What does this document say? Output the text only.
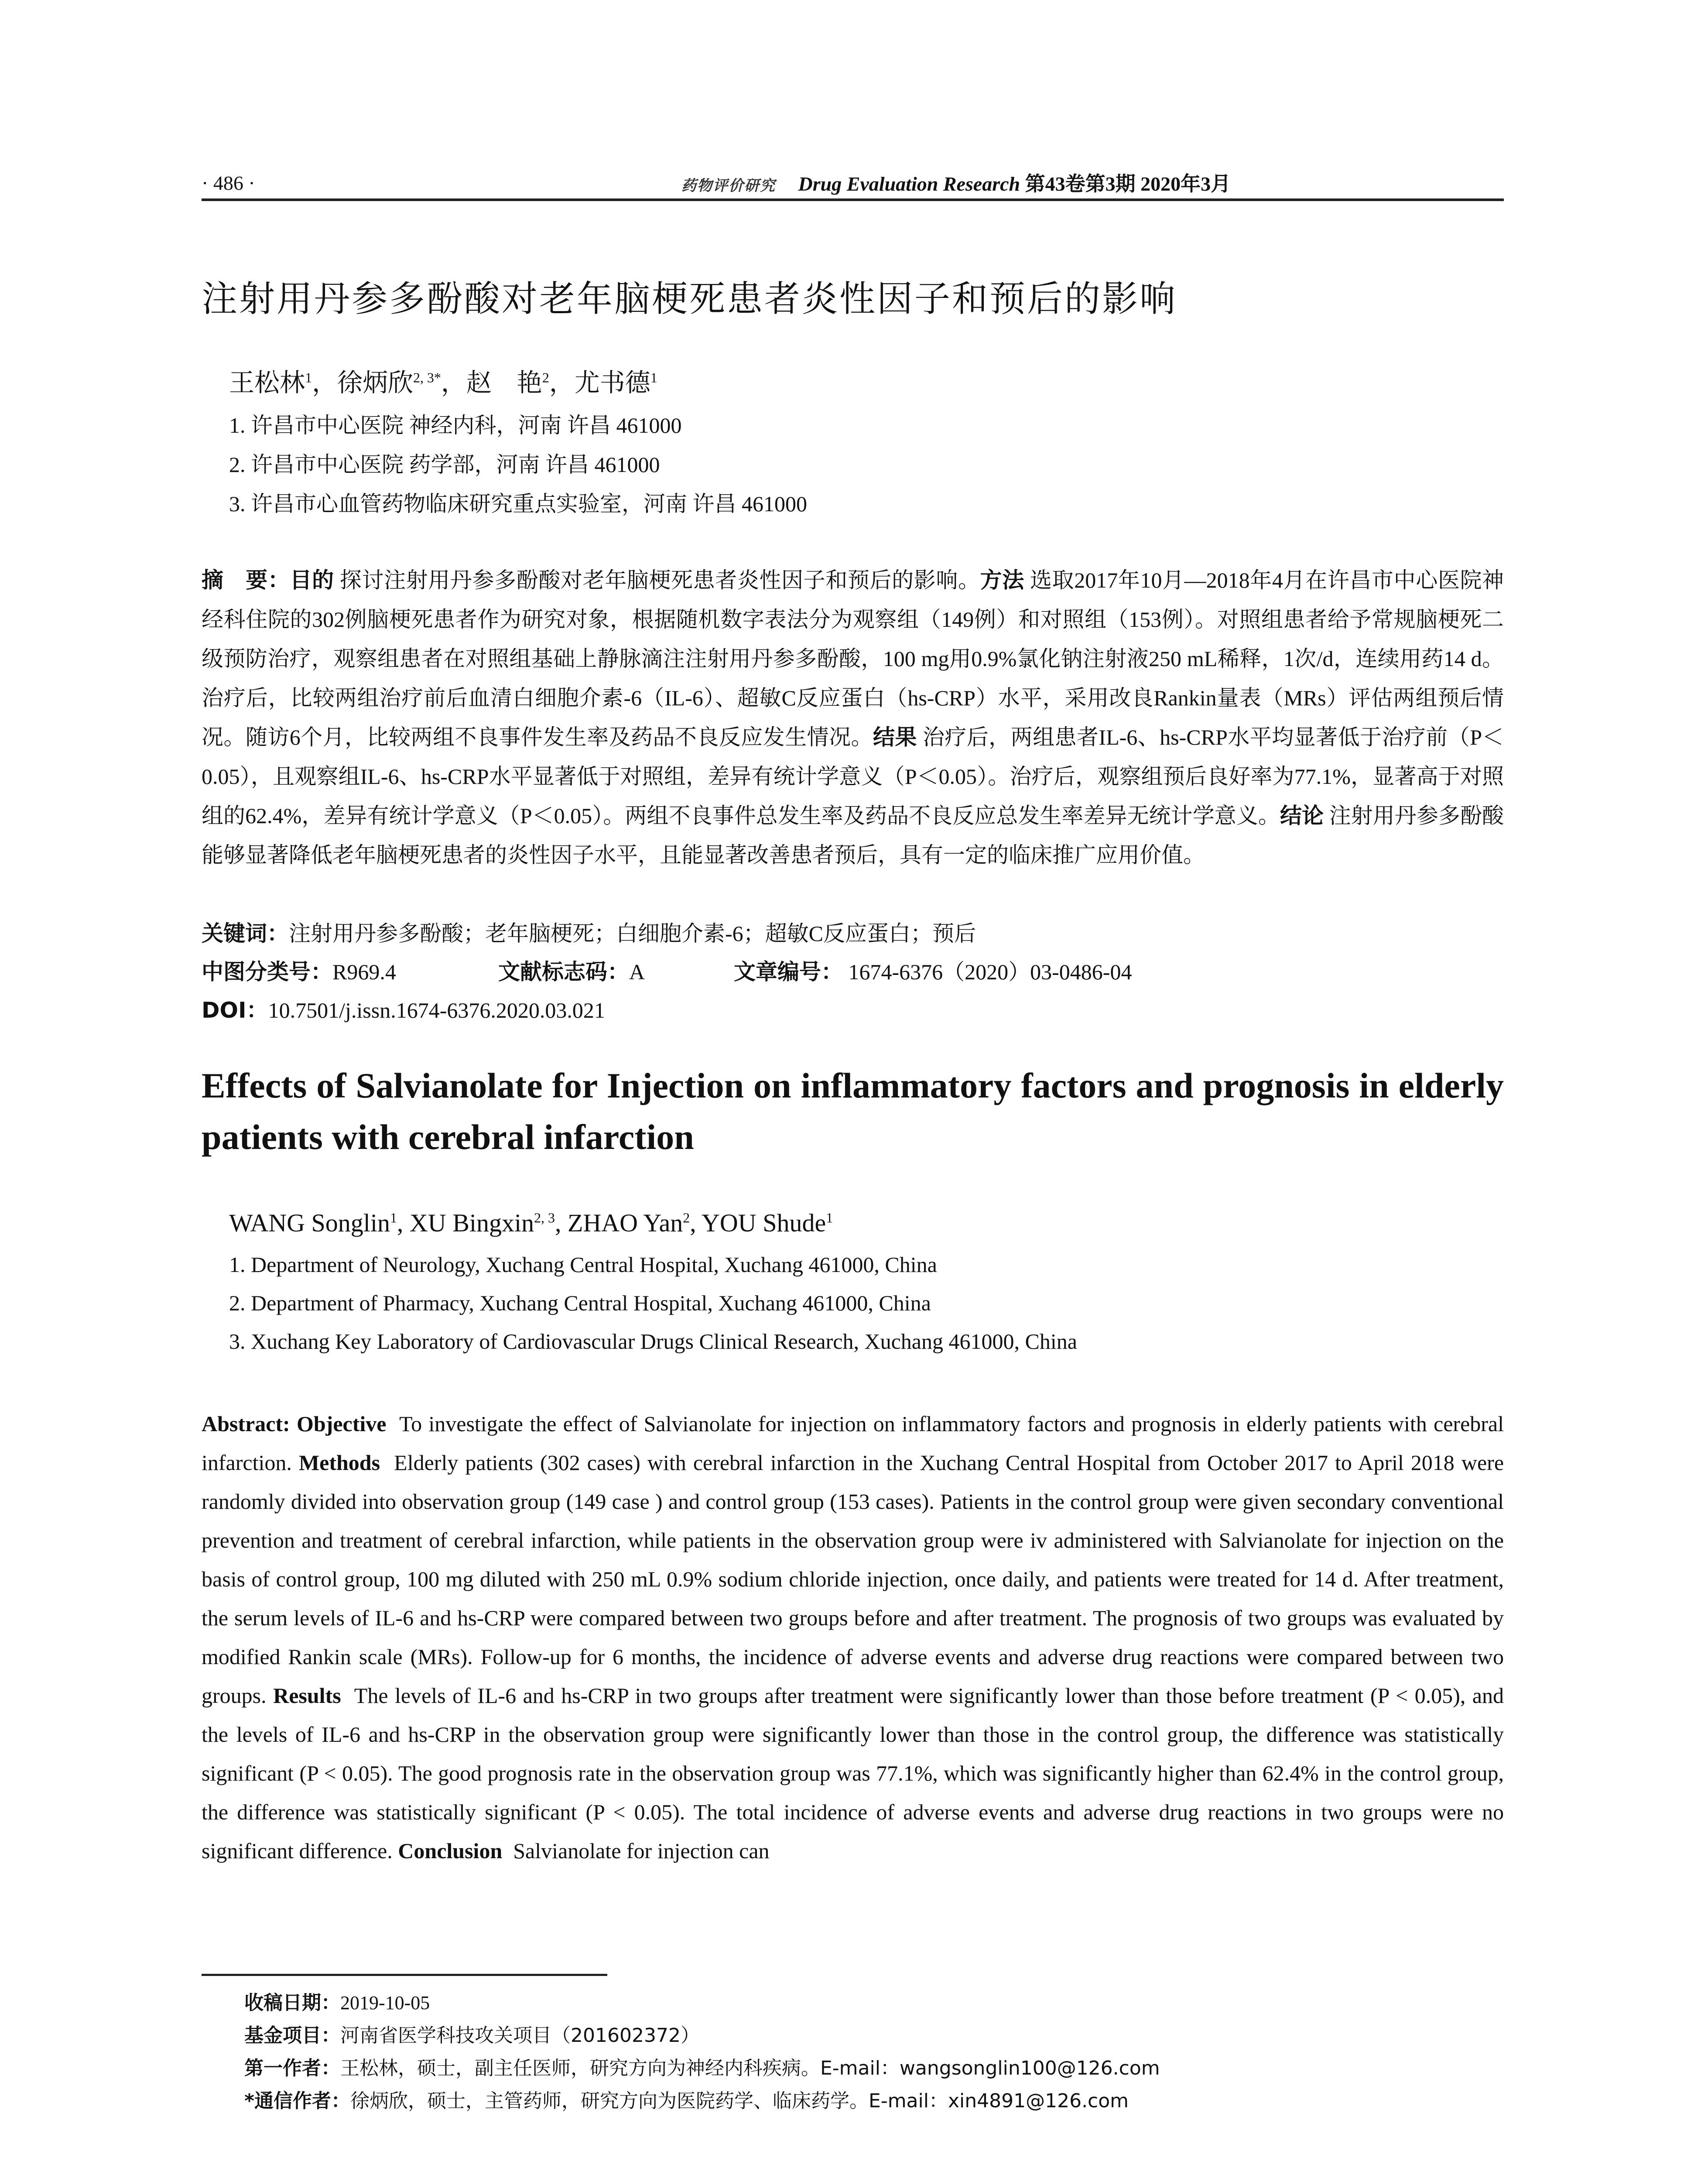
· 486 ·	药物评价研究 Drug Evaluation Research 第43卷第3期 2020年3月
注射用丹参多酚酸对老年脑梗死患者炎性因子和预后的影响
王松林$^1$，徐炳欣$^{2, 3*}$，赵　艳$^2$，尤书德$^1$
1. 许昌市中心医院 神经内科，河南 许昌 461000
2. 许昌市中心医院 药学部，河南 许昌 461000
3. 许昌市心血管药物临床研究重点实验室，河南 许昌 461000
摘　要：目的 探讨注射用丹参多酚酸对老年脑梗死患者炎性因子和预后的影响。方法 选取2017年10月—2018年4月在许昌市中心医院神经科住院的302例脑梗死患者作为研究对象，根据随机数字表法分为观察组（149例）和对照组（153例）。对照组患者给予常规脑梗死二级预防治疗，观察组患者在对照组基础上静脉滴注注射用丹参多酚酸，100 mg用0.9%氯化钠注射液250 mL稀释，1次/d，连续用药14 d。治疗后，比较两组治疗前后血清白细胞介素-6（IL-6）、超敏C反应蛋白（hs-CRP）水平，采用改良Rankin量表（MRs）评估两组预后情况。随访6个月，比较两组不良事件发生率及药品不良反应发生情况。结果 治疗后，两组患者IL-6、hs-CRP水平均显著低于治疗前（P＜0.05），且观察组IL-6、hs-CRP水平显著低于对照组，差异有统计学意义（P＜0.05）。治疗后，观察组预后良好率为77.1%，显著高于对照组的62.4%，差异有统计学意义（P＜0.05）。两组不良事件总发生率及药品不良反应总发生率差异无统计学意义。结论 注射用丹参多酚酸能够显著降低老年脑梗死患者的炎性因子水平，且能显著改善患者预后，具有一定的临床推广应用价值。
关键词：注射用丹参多酚酸；老年脑梗死；白细胞介素-6；超敏C反应蛋白；预后
中图分类号：R969.4	文献标志码：A	文章编号： 1674-6376（2020）03-0486-04
DOI：10.7501/j.issn.1674-6376.2020.03.021
Effects of Salvianolate for Injection on inflammatory factors and prognosis in elderly patients with cerebral infarction
WANG Songlin$^1$, XU Bingxin$^{2, 3}$, ZHAO Yan$^2$, YOU Shude$^1$
1. Department of Neurology, Xuchang Central Hospital, Xuchang 461000, China
2. Department of Pharmacy, Xuchang Central Hospital, Xuchang 461000, China
3. Xuchang Key Laboratory of Cardiovascular Drugs Clinical Research, Xuchang 461000, China
Abstract: Objective To investigate the effect of Salvianolate for injection on inflammatory factors and prognosis in elderly patients with cerebral infarction. Methods Elderly patients (302 cases) with cerebral infarction in the Xuchang Central Hospital from October 2017 to April 2018 were randomly divided into observation group (149 case ) and control group (153 cases). Patients in the control group were given secondary conventional prevention and treatment of cerebral infarction, while patients in the observation group were iv administered with Salvianolate for injection on the basis of control group, 100 mg diluted with 250 mL 0.9% sodium chloride injection, once daily, and patients were treated for 14 d. After treatment, the serum levels of IL-6 and hs-CRP were compared between two groups before and after treatment. The prognosis of two groups was evaluated by modified Rankin scale (MRs). Follow-up for 6 months, the incidence of adverse events and adverse drug reactions were compared between two groups. Results The levels of IL-6 and hs-CRP in two groups after treatment were significantly lower than those before treatment (P < 0.05), and the levels of IL-6 and hs-CRP in the observation group were significantly lower than those in the control group, the difference was statistically significant (P < 0.05). The good prognosis rate in the observation group was 77.1%, which was significantly higher than 62.4% in the control group, the difference was statistically significant (P < 0.05). The total incidence of adverse events and adverse drug reactions in two groups were no significant difference. Conclusion Salvianolate for injection can
收稿日期：2019-10-05
基金项目：河南省医学科技攻关项目（201602372）
第一作者：王松林，硕士，副主任医师，研究方向为神经内科疾病。E-mail：wangsonglin100@126.com
*通信作者：徐炳欣，硕士，主管药师，研究方向为医院药学、临床药学。E-mail：xin4891@126.com
